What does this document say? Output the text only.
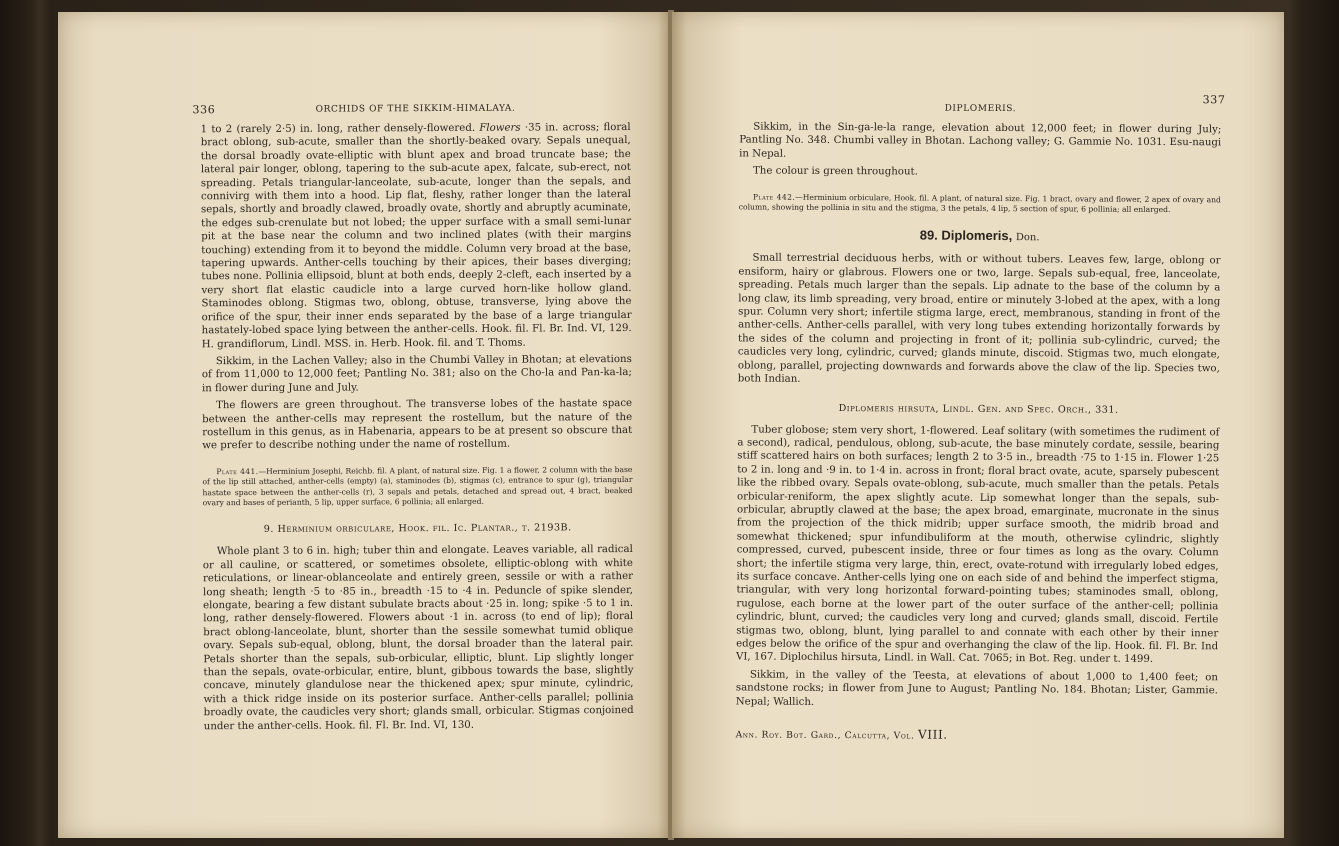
336	ORCHIDS OF THE SIKKIM-HIMALAYA.

1 to 2 (rarely 2·5) in. long, rather densely-flowered. Flowers ·35 in. across; floral bract oblong, sub-acute, smaller than the shortly-beaked ovary. Sepals unequal, the dorsal broadly ovate-elliptic with blunt apex and broad truncate base; the lateral pair longer, oblong, tapering to the sub-acute apex, falcate, sub-erect, not spreading. Petals triangular-lanceolate, sub-acute, longer than the sepals, and connivirg with them into a hood. Lip flat, fleshy, rather longer than the lateral sepals, shortly and broadly clawed, broadly ovate, shortly and abruptly acuminate, the edges sub-crenulate but not lobed; the upper surface with a small semi-lunar pit at the base near the column and two inclined plates (with their margins touching) extending from it to beyond the middle. Column very broad at the base, tapering upwards. Anther-cells touching by their apices, their bases diverging; tubes none. Pollinia ellipsoid, blunt at both ends, deeply 2-cleft, each inserted by a very short flat elastic caudicle into a large curved horn-like hollow gland. Staminodes oblong. Stigmas two, oblong, obtuse, transverse, lying above the orifice of the spur, their inner ends separated by the base of a large triangular hastately-lobed space lying between the anther-cells. Hook. fil. Fl. Br. Ind. VI, 129. H. grandiflorum, Lindl. MSS. in. Herb. Hook. fil. and T. Thoms.

Sikkim, in the Lachen Valley; also in the Chumbi Valley in Bhotan; at elevations of from 11,000 to 12,000 feet; Pantling No. 381; also on the Cho-la and Pan-ka-la; in flower during June and July.

The flowers are green throughout. The transverse lobes of the hastate space between the anther-cells may represent the rostellum, but the nature of the rostellum in this genus, as in Habenaria, appears to be at present so obscure that we prefer to describe nothing under the name of rostellum.

Plate 441.—Herminium Josephi, Reichb. fil. A plant, of natural size. Fig. 1 a flower, 2 column with the base of the lip still attached, anther-cells (empty) (a), staminodes (b), stigmas (c), entrance to spur (g), triangular hastate space between the anther-cells (r), 3 sepals and petals, detached and spread out, 4 bract, beaked ovary and bases of perianth, 5 lip, upper surface, 6 pollinia; all enlarged.

9. Herminium orbiculare, Hook. fil. Ic. Plantar., t. 2193B.

Whole plant 3 to 6 in. high; tuber thin and elongate. Leaves variable, all radical or all cauline, or scattered, or sometimes obsolete, elliptic-oblong with white reticulations, or linear-oblanceolate and entirely green, sessile or with a rather long sheath; length ·5 to ·85 in., breadth ·15 to ·4 in. Peduncle of spike slender, elongate, bearing a few distant subulate bracts about ·25 in. long; spike ·5 to 1 in. long, rather densely-flowered. Flowers about ·1 in. across (to end of lip); floral bract oblong-lanceolate, blunt, shorter than the sessile somewhat tumid oblique ovary. Sepals sub-equal, oblong, blunt, the dorsal broader than the lateral pair. Petals shorter than the sepals, sub-orbicular, elliptic, blunt. Lip slightly longer than the sepals, ovate-orbicular, entire, blunt, gibbous towards the base, slightly concave, minutely glandulose near the thickened apex; spur minute, cylindric, with a thick ridge inside on its posterior surface. Anther-cells parallel; pollinia broadly ovate, the caudicles very short; glands small, orbicular. Stigmas conjoined under the anther-cells. Hook. fil. Fl. Br. Ind. VI, 130.

DIPLOMERIS.
337

Sikkim, in the Sin-ga-le-la range, elevation about 12,000 feet; in flower during July; Pantling No. 348. Chumbi valley in Bhotan. Lachong valley; G. Gammie No. 1031. Esu-naugi in Nepal.

The colour is green throughout.

Plate 442.—Herminium orbiculare, Hook. fil. A plant, of natural size. Fig. 1 bract, ovary and flower, 2 apex of ovary and column, showing the pollinia in situ and the stigma, 3 the petals, 4 lip, 5 section of spur, 6 pollinia; all enlarged.

89. Diplomeris, Don.

Small terrestrial deciduous herbs, with or without tubers. Leaves few, large, oblong or ensiform, hairy or glabrous. Flowers one or two, large. Sepals sub-equal, free, lanceolate, spreading. Petals much larger than the sepals. Lip adnate to the base of the column by a long claw, its limb spreading, very broad, entire or minutely 3-lobed at the apex, with a long spur. Column very short; infertile stigma large, erect, membranous, standing in front of the anther-cells. Anther-cells parallel, with very long tubes extending horizontally forwards by the sides of the column and projecting in front of it; pollinia sub-cylindric, curved; the caudicles very long, cylindric, curved; glands minute, discoid. Stigmas two, much elongate, oblong, parallel, projecting downwards and forwards above the claw of the lip. Species two, both Indian.

Diplomeris hirsuta, Lindl. Gen. and Spec. Orch., 331.

Tuber globose; stem very short, 1-flowered. Leaf solitary (with sometimes the rudiment of a second), radical, pendulous, oblong, sub-acute, the base minutely cordate, sessile, bearing stiff scattered hairs on both surfaces; length 2 to 3·5 in., breadth ·75 to 1·15 in. Flower 1·25 to 2 in. long and ·9 in. to 1·4 in. across in front; floral bract ovate, acute, sparsely pubescent like the ribbed ovary. Sepals ovate-oblong, sub-acute, much smaller than the petals. Petals orbicular-reniform, the apex slightly acute. Lip somewhat longer than the sepals, sub-orbicular, abruptly clawed at the base; the apex broad, emarginate, mucronate in the sinus from the projection of the thick midrib; upper surface smooth, the midrib broad and somewhat thickened; spur infundibuliform at the mouth, otherwise cylindric, slightly compressed, curved, pubescent inside, three or four times as long as the ovary. Column short; the infertile stigma very large, thin, erect, ovate-rotund with irregularly lobed edges, its surface concave. Anther-cells lying one on each side of and behind the imperfect stigma, triangular, with very long horizontal forward-pointing tubes; staminodes small, oblong, rugulose, each borne at the lower part of the outer surface of the anther-cell; pollinia cylindric, blunt, curved; the caudicles very long and curved; glands small, discoid. Fertile stigmas two, oblong, blunt, lying parallel to and connate with each other by their inner edges below the orifice of the spur and overhanging the claw of the lip. Hook. fil. Fl. Br. Ind VI, 167. Diplochilus hirsuta, Lindl. in Wall. Cat. 7065; in Bot. Reg. under t. 1499.

Sikkim, in the valley of the Teesta, at elevations of about 1,000 to 1,400 feet; on sandstone rocks; in flower from June to August; Pantling No. 184. Bhotan; Lister, Gammie. Nepal; Wallich.

Ann. Roy. Bot. Gard., Calcutta, Vol. VIII.
